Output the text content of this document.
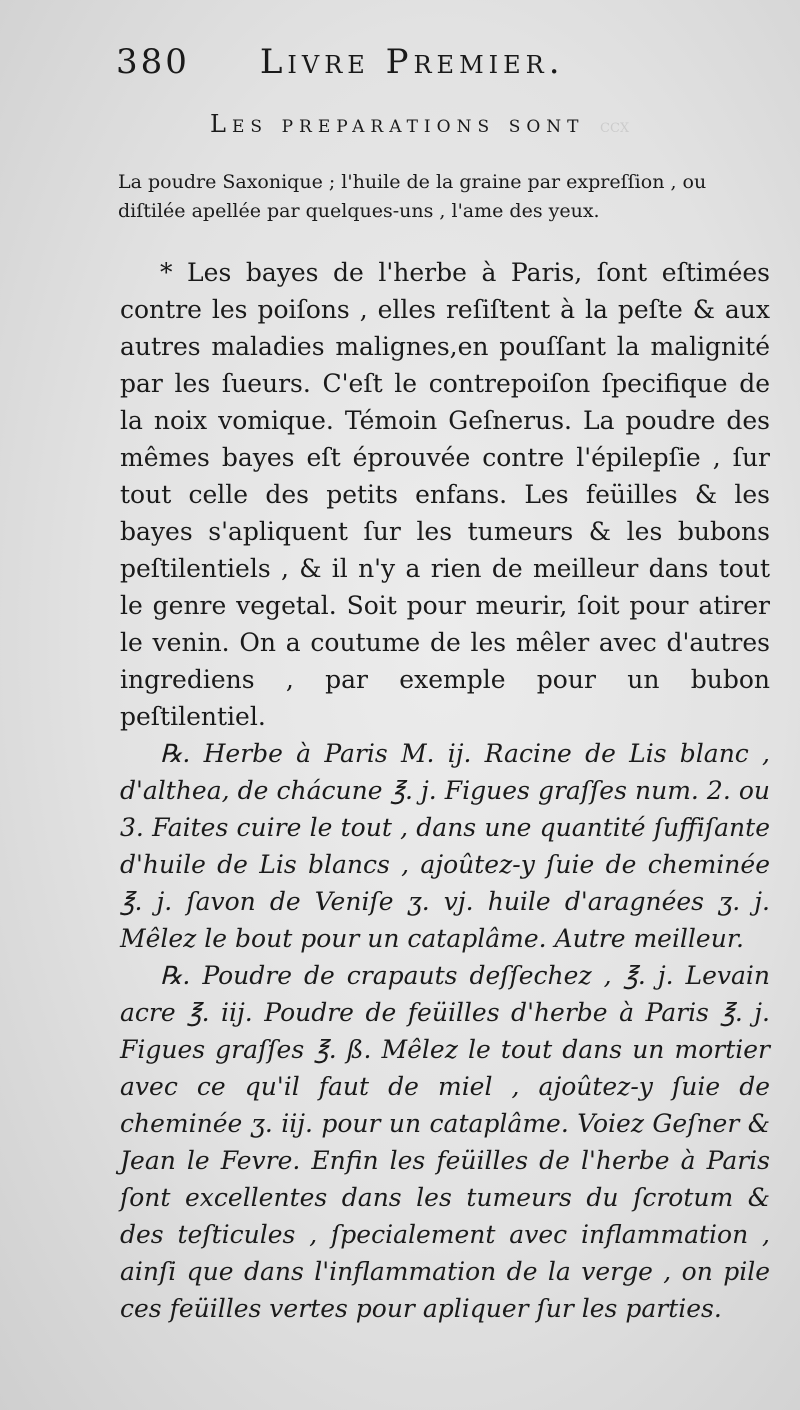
CCX
380 Livre Premier.
Les preparations sont
La poudre Saxonique ; l'huile de la graine par expreſſion , ou diſtilée apellée par quelques-uns , l'ame des yeux.

* Les bayes de l'herbe à Paris, ſont eſtimées contre les poiſons , elles reſiſtent à la peſte & aux autres maladies malignes,en pouſſant la malignité par les ſueurs. C'eſt le contrepoiſon ſpecifique de la noix vomique. Témoin Geſnerus. La poudre des mêmes bayes eſt éprouvée contre l'épilepſie , ſur tout celle des petits enfans. Les feüilles & les bayes s'apliquent ſur les tumeurs & les bubons peſtilentiels , & il n'y a rien de meilleur dans tout le genre vegetal. Soit pour meurir, ſoit pour atirer le venin. On a coutume de les mêler avec d'autres ingrediens , par exemple pour un bubon peſtilentiel.

℞. Herbe à Paris M. ij. Racine de Lis blanc , d'althea, de chácune ℥. j. Figues graſſes num. 2. ou 3. Faites cuire le tout , dans une quantité ſuffiſante d'huile de Lis blancs , ajoûtez-y ſuie de cheminée ℥. j. ſavon de Veniſe ʒ. vj. huile d'aragnées ʒ. j. Mêlez le bout pour un cataplâme. Autre meilleur.

℞. Poudre de crapauts deſſechez , ℥. j. Levain acre ℥. iij. Poudre de feüilles d'herbe à Paris ℥. j. Figues graſſes ℥. ß. Mêlez le tout dans un mortier avec ce qu'il faut de miel , ajoûtez-y ſuie de cheminée ʒ. iij. pour un cataplâme. Voiez Geſner & Jean le Fevre. Enfin les feüilles de l'herbe à Paris ſont excellentes dans les tumeurs du ſcrotum & des teſticules , ſpecialement avec inflammation , ainſi que dans l'inflammation de la verge , on pile ces feüilles vertes pour apliquer ſur les parties.
